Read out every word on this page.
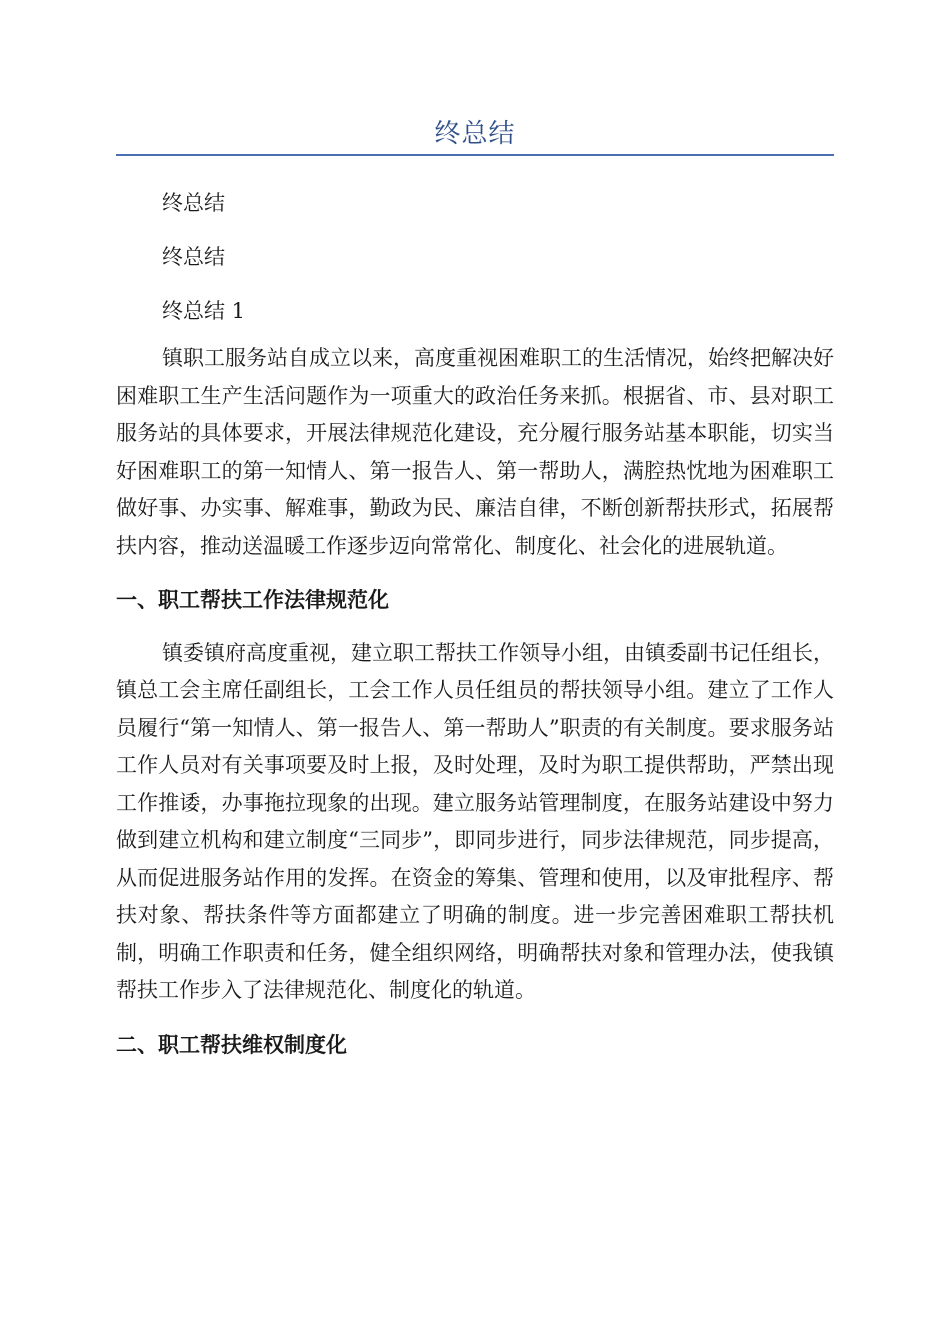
终总结

终总结

终总结

终总结 1

镇职工服务站自成立以来，高度重视困难职工的生活情况，始终把解决好困难职工生产生活问题作为一项重大的政治任务来抓。根据省、市、县对职工服务站的具体要求，开展法律规范化建设，充分履行服务站基本职能，切实当好困难职工的第一知情人、第一报告人、第一帮助人，满腔热忱地为困难职工做好事、办实事、解难事，勤政为民、廉洁自律，不断创新帮扶形式，拓展帮扶内容，推动送温暖工作逐步迈向常常化、制度化、社会化的进展轨道。

一、职工帮扶工作法律规范化

镇委镇府高度重视，建立职工帮扶工作领导小组，由镇委副书记任组长，镇总工会主席任副组长，工会工作人员任组员的帮扶领导小组。建立了工作人员履行“第一知情人、第一报告人、第一帮助人”职责的有关制度。要求服务站工作人员对有关事项要及时上报，及时处理，及时为职工提供帮助，严禁出现工作推诿，办事拖拉现象的出现。建立服务站管理制度，在服务站建设中努力做到建立机构和建立制度“三同步”，即同步进行，同步法律规范，同步提高，从而促进服务站作用的发挥。在资金的筹集、管理和使用，以及审批程序、帮扶对象、帮扶条件等方面都建立了明确的制度。进一步完善困难职工帮扶机制，明确工作职责和任务，健全组织网络，明确帮扶对象和管理办法，使我镇帮扶工作步入了法律规范化、制度化的轨道。

二、职工帮扶维权制度化
